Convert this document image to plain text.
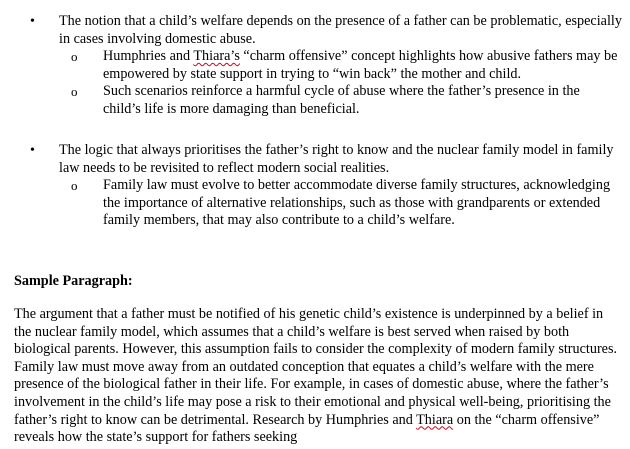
• The notion that a child’s welfare depends on the presence of a father can be problematic, especially in cases involving domestic abuse.
o Humphries and Thiara’s “charm offensive” concept highlights how abusive fathers may be empowered by state support in trying to “win back” the mother and child.
o Such scenarios reinforce a harmful cycle of abuse where the father’s presence in the child’s life is more damaging than beneficial.
• The logic that always prioritises the father’s right to know and the nuclear family model in family law needs to be revisited to reflect modern social realities.
o Family law must evolve to better accommodate diverse family structures, acknowledging the importance of alternative relationships, such as those with grandparents or extended family members, that may also contribute to a child’s welfare.
Sample Paragraph:
The argument that a father must be notified of his genetic child’s existence is underpinned by a belief in the nuclear family model, which assumes that a child’s welfare is best served when raised by both biological parents. However, this assumption fails to consider the complexity of modern family structures. Family law must move away from an outdated conception that equates a child’s welfare with the mere presence of the biological father in their life. For example, in cases of domestic abuse, where the father’s involvement in the child’s life may pose a risk to their emotional and physical well-being, prioritising the father’s right to know can be detrimental. Research by Humphries and Thiara on the “charm offensive” reveals how the state’s support for fathers seeking
